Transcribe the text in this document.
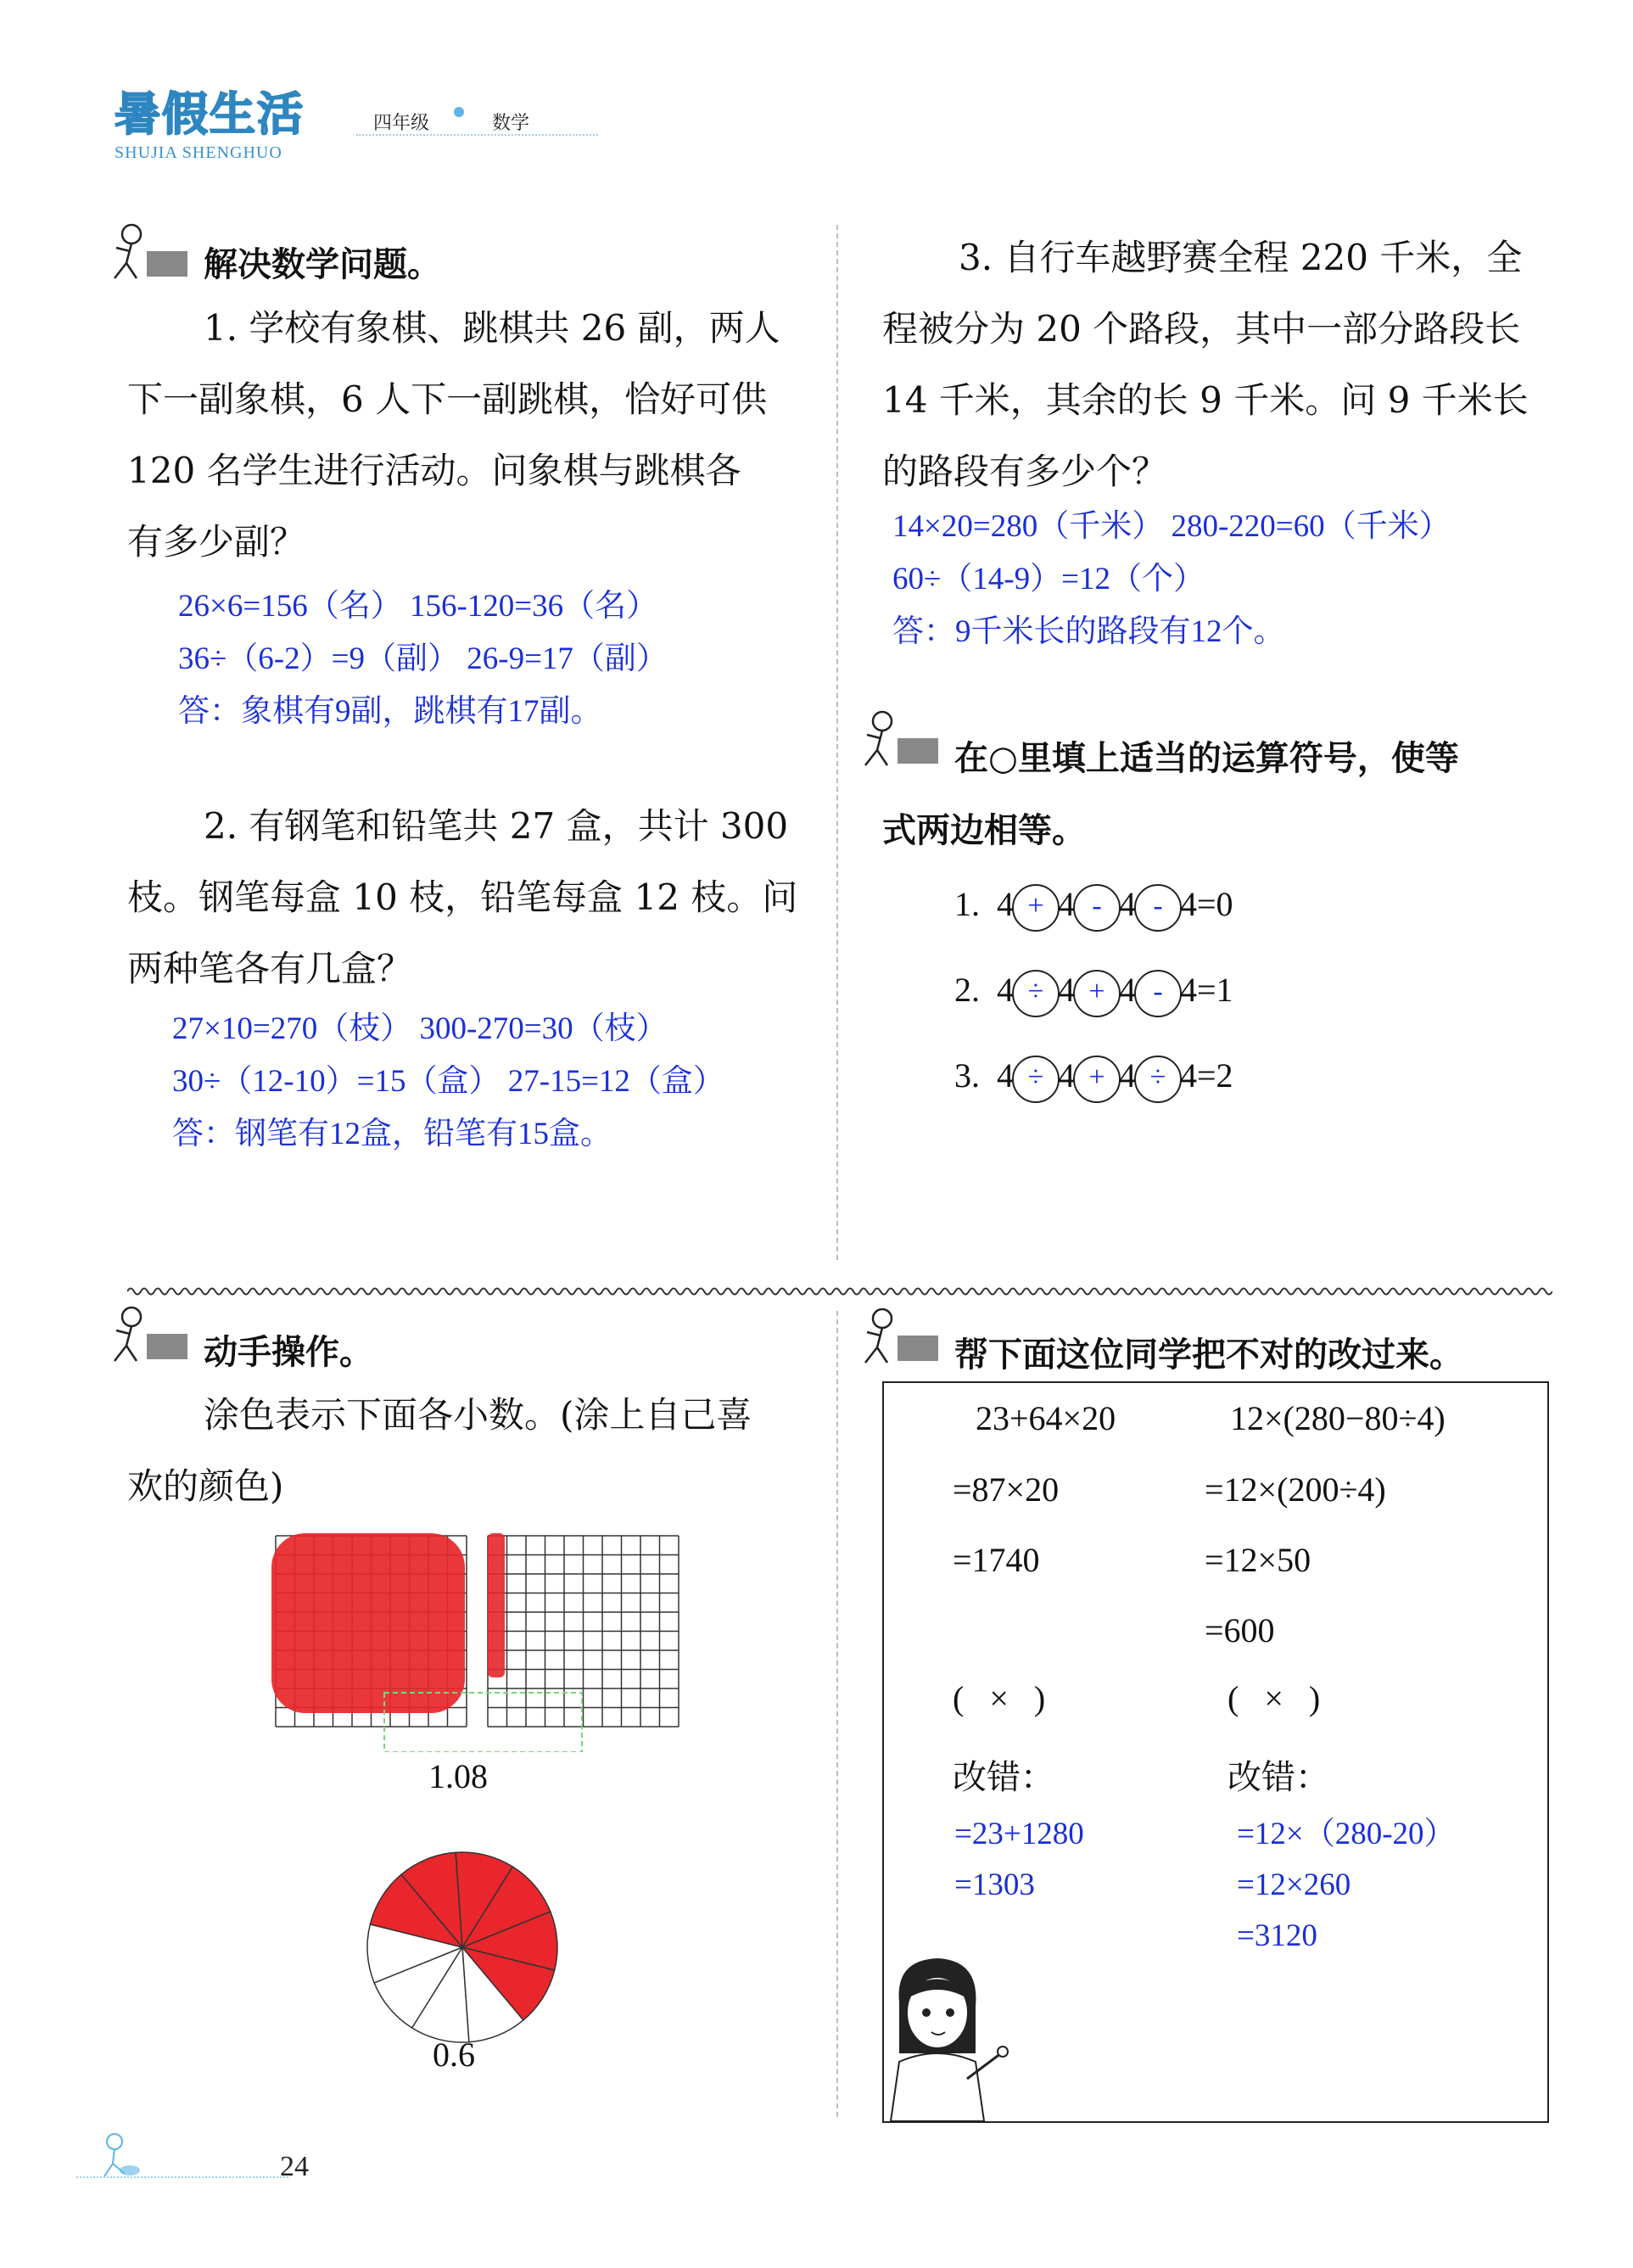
暑假生活
SHUJIA SHENGHUO
四年级	数学
解决数学问题。
1. 学校有象棋、跳棋共 26 副，两人
下一副象棋，6 人下一副跳棋，恰好可供
120 名学生进行活动。问象棋与跳棋各
有多少副？
26×6=156（名） 156-120=36（名）
36÷（6-2）=9（副） 26-9=17（副）
答：象棋有9副，跳棋有17副。
2. 有钢笔和铅笔共 27 盒，共计 300
枝。钢笔每盒 10 枝，铅笔每盒 12 枝。问
两种笔各有几盒？
27×10=270（枝） 300-270=30（枝）
30÷（12-10）=15（盒） 27-15=12（盒）
答：钢笔有12盒，铅笔有15盒。
3. 自行车越野赛全程 220 千米，全
程被分为 20 个路段，其中一部分路段长
14 千米，其余的长 9 千米。问 9 千米长
的路段有多少个？
14×20=280（千米） 280-220=60（千米）
60÷（14-9）=12（个）
答：9千米长的路段有12个。
在○里填上适当的运算符号，使等
式两边相等。
1. 4 + 4 - 4 - 4=0
2. 4 ÷ 4 + 4 - 4=1
3. 4 ÷ 4 + 4 ÷ 4=2
动手操作。
涂色表示下面各小数。(涂上自己喜
欢的颜色)
1.08
0.6
帮下面这位同学把不对的改过来。
23+64×20
=87×20
=1740
(   ×   )
改错：
=23+1280
=1303
12×(280−80÷4)
=12×(200÷4)
=12×50
=600
(   ×   )
改错：
=12×（280-20）
=12×260
=3120
24
